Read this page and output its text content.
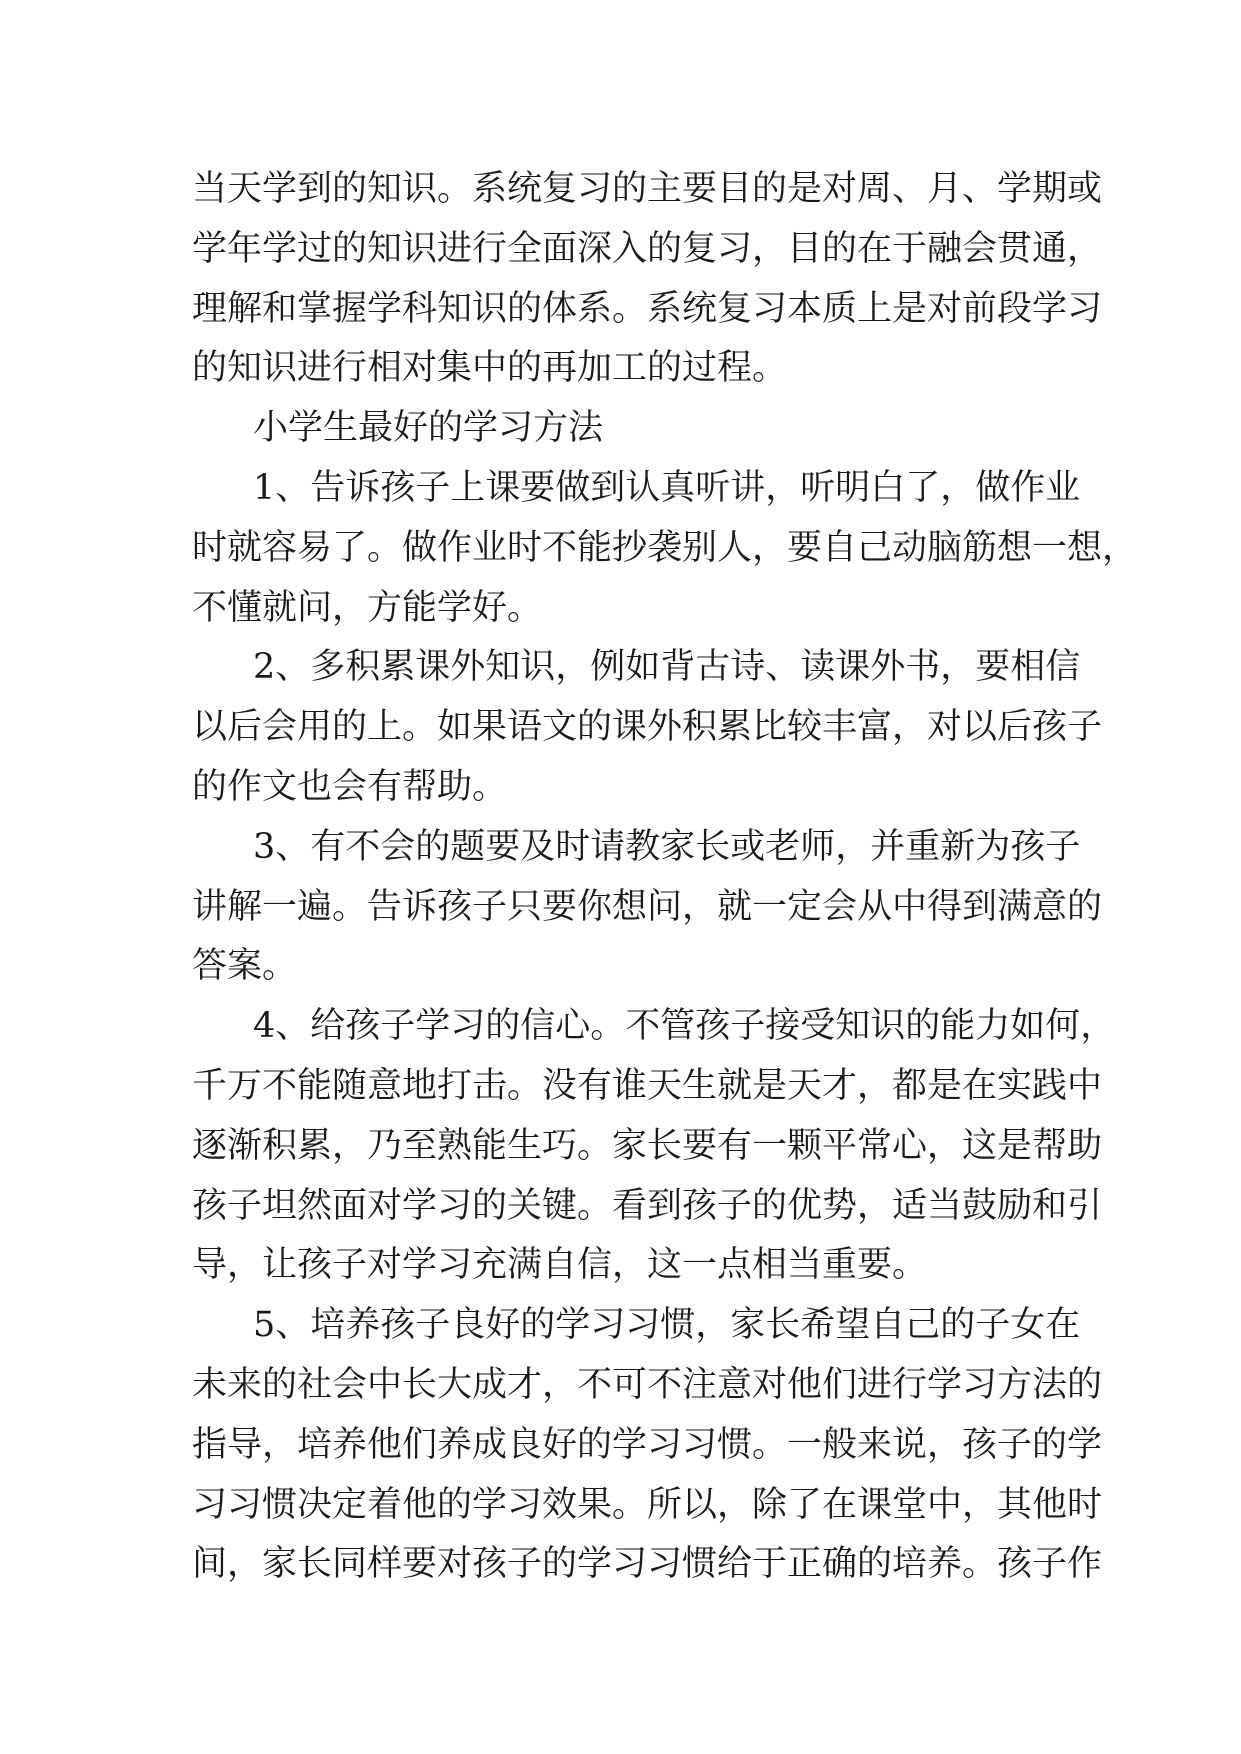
当天学到的知识。系统复习的主要目的是对周、月、学期或
学年学过的知识进行全面深入的复习，目的在于融会贯通，
理解和掌握学科知识的体系。系统复习本质上是对前段学习
的知识进行相对集中的再加工的过程。
小学生最好的学习方法
1、告诉孩子上课要做到认真听讲，听明白了，做作业
时就容易了。做作业时不能抄袭别人，要自己动脑筋想一想，
不懂就问，方能学好。
2、多积累课外知识，例如背古诗、读课外书，要相信
以后会用的上。如果语文的课外积累比较丰富，对以后孩子
的作文也会有帮助。
3、有不会的题要及时请教家长或老师，并重新为孩子
讲解一遍。告诉孩子只要你想问，就一定会从中得到满意的
答案。
4、给孩子学习的信心。不管孩子接受知识的能力如何，
千万不能随意地打击。没有谁天生就是天才，都是在实践中
逐渐积累，乃至熟能生巧。家长要有一颗平常心，这是帮助
孩子坦然面对学习的关键。看到孩子的优势，适当鼓励和引
导，让孩子对学习充满自信，这一点相当重要。
5、培养孩子良好的学习习惯，家长希望自己的子女在
未来的社会中长大成才，不可不注意对他们进行学习方法的
指导，培养他们养成良好的学习习惯。一般来说，孩子的学
习习惯决定着他的学习效果。所以，除了在课堂中，其他时
间，家长同样要对孩子的学习习惯给于正确的培养。孩子作
